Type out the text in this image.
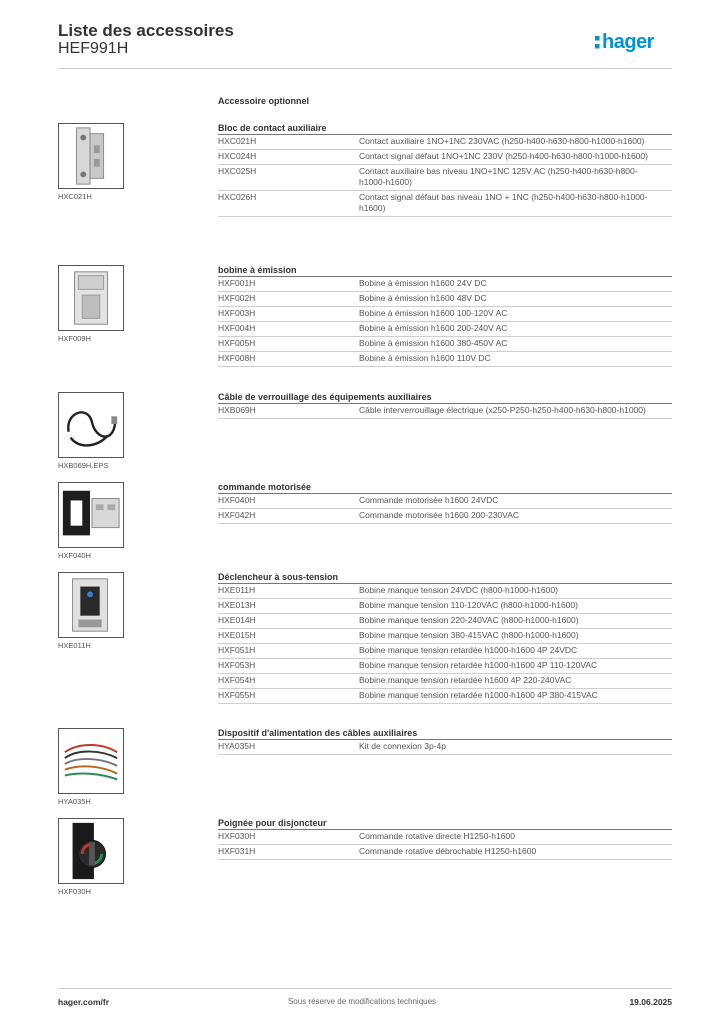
Liste des accessoires
HEF991H	hager
Accessoire optionnel
HXC021H
Bloc de contact auxiliaire
HXC021H	Contact auxiliaire 1NO+1NC 230VAC (h250-h400-h630-h800-h1000-h1600)
HXC024H	Contact signal défaut 1NO+1NC 230V (h250-h400-h630-h800-h1000-h1600)
HXC025H	Contact auxiliaire bas niveau 1NO+1NC 125V AC (h250-h400-h630-h800-h1000-h1600)
HXC026H	Contact signal défaut bas niveau 1NO + 1NC (h250-h400-h630-h800-h1000-h1600)
HXF009H
bobine à émission
HXF001H	Bobine à émission h1600 24V DC
HXF002H	Bobine à émission h1600 48V DC
HXF003H	Bobine à émission h1600 100-120V AC
HXF004H	Bobine à émission h1600 200-240V AC
HXF005H	Bobine à émission h1600 380-450V AC
HXF008H	Bobine à émission h1600 110V DC
HXB069H.EPS
Câble de verrouillage des équipements auxiliaires
HXB069H	Câble interverrouillage électrique (x250-P250-h250-h400-h630-h800-h1000)
HXF040H
commande motorisée
HXF040H	Commande motorisée h1600 24VDC
HXF042H	Commande motorisée h1600 200-230VAC
HXE011H
Déclencheur à sous-tension
HXE011H	Bobine manque tension 24VDC (h800-h1000-h1600)
HXE013H	Bobine manque tension 110-120VAC (h800-h1000-h1600)
HXE014H	Bobine manque tension 220-240VAC (h800-h1000-h1600)
HXE015H	Bobine manque tension 380-415VAC (h800-h1000-h1600)
HXF051H	Bobine manque tension retardée h1000-h1600 4P 24VDC
HXF053H	Bobine manque tension retardée h1000-h1600 4P 110-120VAC
HXF054H	Bobine manque tension retardée h1600 4P 220-240VAC
HXF055H	Bobine manque tension retardée h1000-h1600 4P 380-415VAC
HYA035H
Dispositif d'alimentation des câbles auxiliaires
HYA035H	Kit de connexion 3p-4p
HXF030H
Poignée pour disjoncteur
HXF030H	Commande rotative directe H1250-h1600
HXF031H	Commande rotative débrochable H1250-h1600
hager.com/fr	Sous réserve de modifications techniques	19.06.2025
